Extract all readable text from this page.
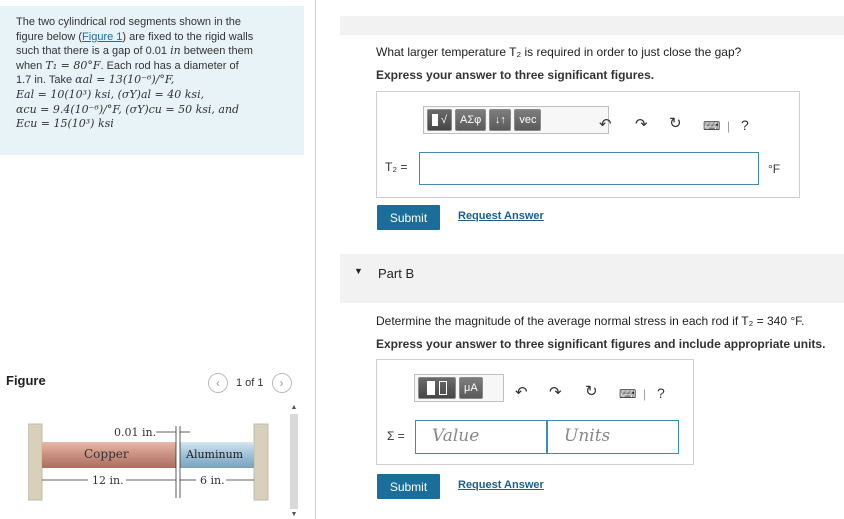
The two cylindrical rod segments shown in the

figure below (Figure 1) are fixed to the rigid walls

such that there is a gap of 0.01 in between them

when T₁ = 80°F. Each rod has a diameter of

1.7 in. Take αal = 13(10⁻⁶)/°F,

Eal = 10(10³) ksi, (σY)al = 40 ksi,

αcu = 9.4(10⁻⁶)/°F, (σY)cu = 50 ksi, and

Ecu = 15(10³) ksi

Figure	‹	1 of 1	›
0.01 in.
Copper	Aluminum
12 in.	6 in.
▲
▼
What larger temperature T₂ is required in order to just close the gap?
Express your answer to three significant figures.
√	ΑΣφ	↓↑	vec	↶ ↷ ↻ ⌨ | ?
T₂ =	°F
Submit	Request Answer
▼ Part B
Determine the magnitude of the average normal stress in each rod if T₂ = 340 °F.
Express your answer to three significant figures and include appropriate units.
μA	↶ ↷ ↻ ⌨ | ?
Σ =	Value	Units
Submit	Request Answer
